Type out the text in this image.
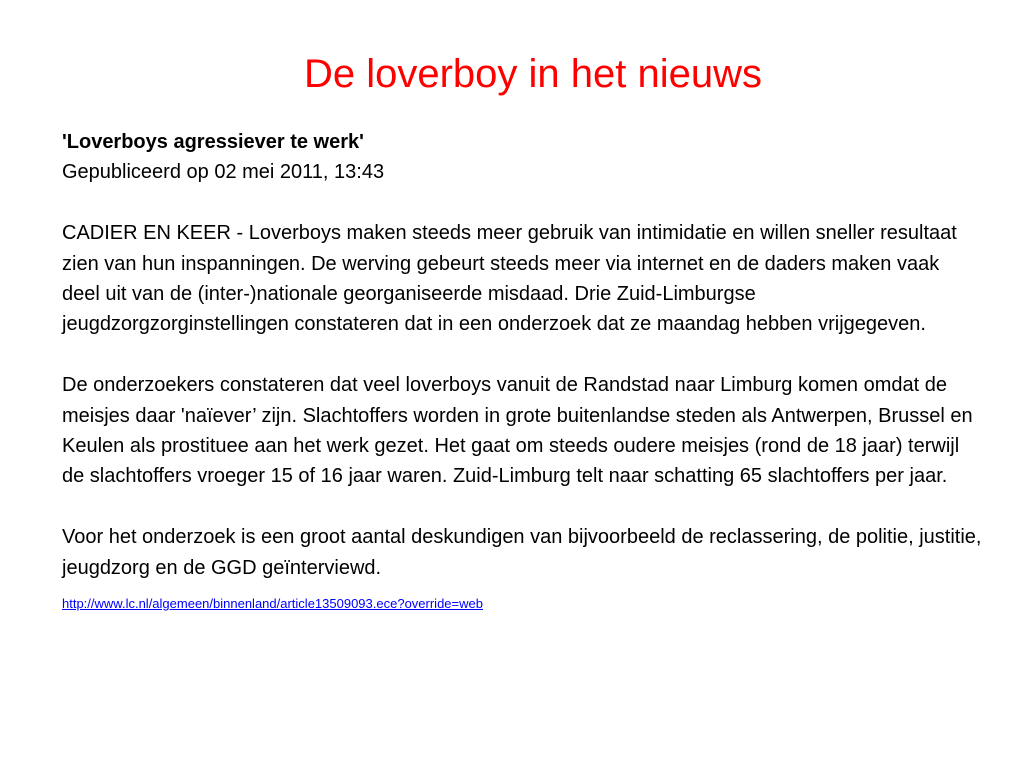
De loverboy in het nieuws

'Loverboys agressiever te werk'

Gepubliceerd op 02 mei 2011, 13:43

CADIER EN KEER - Loverboys maken steeds meer gebruik van intimidatie en willen sneller resultaat zien van hun inspanningen. De werving gebeurt steeds meer via internet en de daders maken vaak deel uit van de (inter-)nationale georganiseerde misdaad. Drie Zuid-Limburgse jeugdzorgzorginstellingen constateren dat in een onderzoek dat ze maandag hebben vrijgegeven.

De onderzoekers constateren dat veel loverboys vanuit de Randstad naar Limburg komen omdat de meisjes daar 'naïever’ zijn. Slachtoffers worden in grote buitenlandse steden als Antwerpen, Brussel en Keulen als prostituee aan het werk gezet. Het gaat om steeds oudere meisjes (rond de 18 jaar) terwijl de slachtoffers vroeger 15 of 16 jaar waren. Zuid-Limburg telt naar schatting 65 slachtoffers per jaar.

Voor het onderzoek is een groot aantal deskundigen van bijvoorbeeld de reclassering, de politie, justitie, jeugdzorg en de GGD geïnterviewd.

http://www.lc.nl/algemeen/binnenland/article13509093.ece?override=web
